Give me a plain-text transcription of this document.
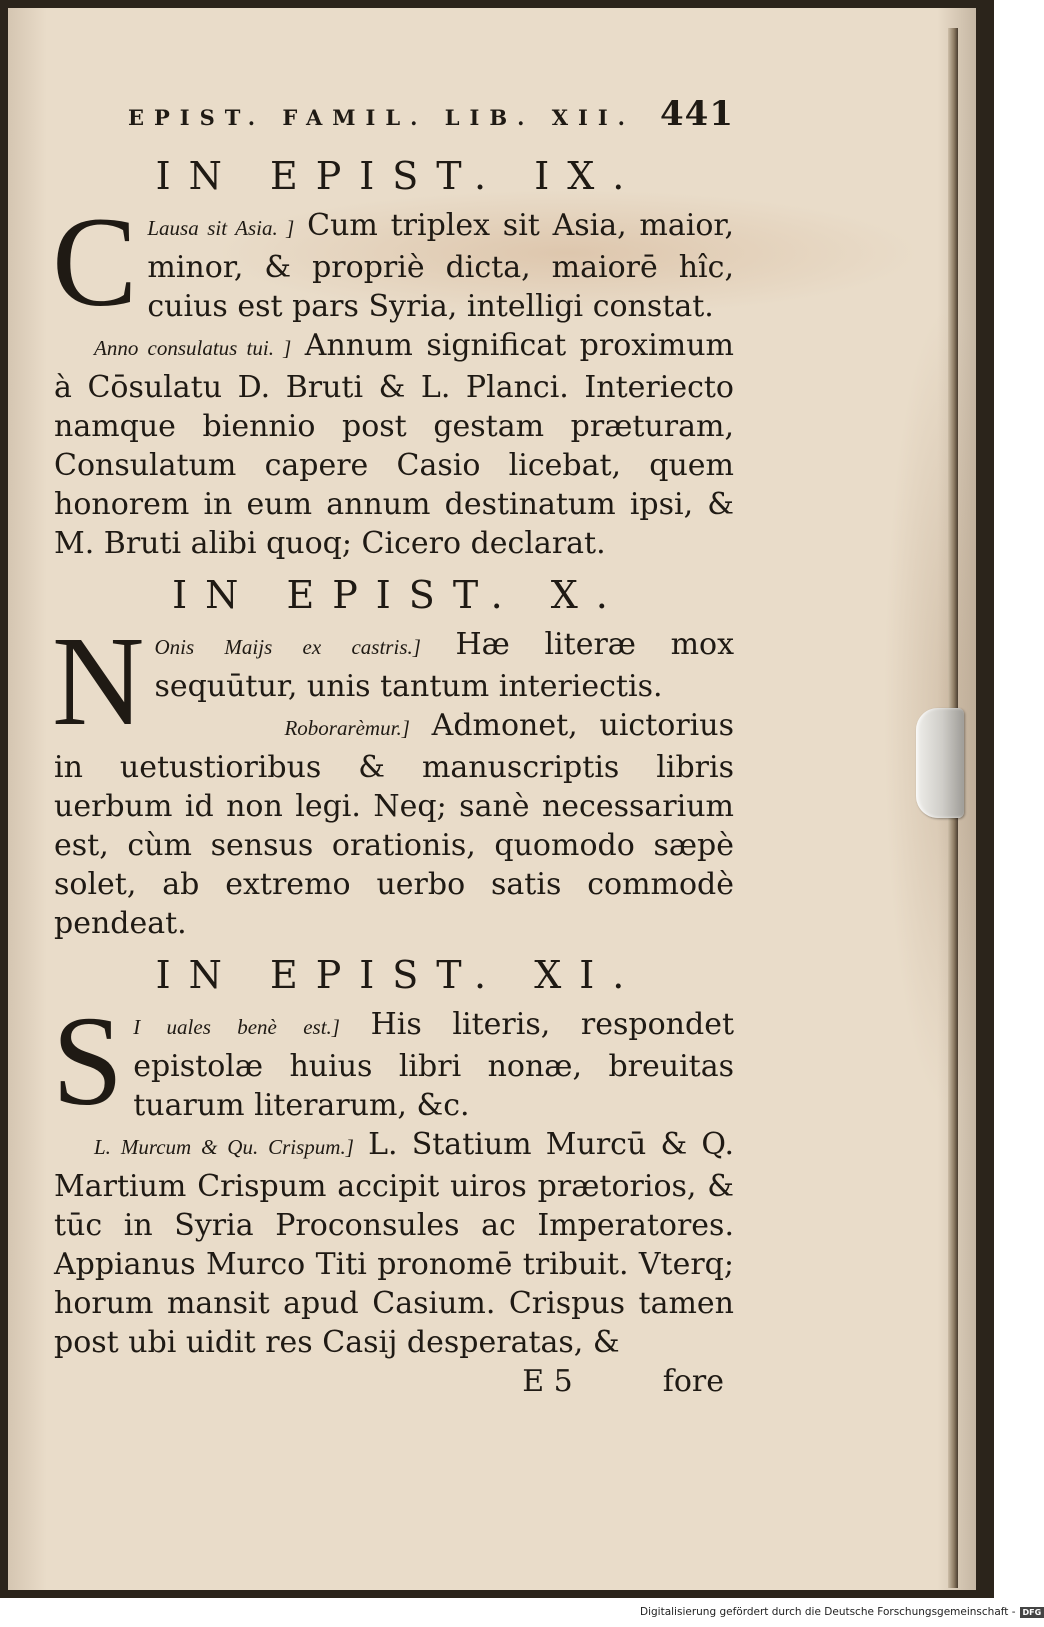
EPIST. FAMIL. LIB. XII. 441
IN EPIST. IX.

C Lausa sit Asia. ] Cum triplex sit Asia, maior, minor, & propriè dicta, maiorē hîc, cuius est pars Syria, intelligi constat.

Anno consulatus tui. ] Annum significat proximum à Cōsulatu D. Bruti & L. Planci. Interiecto namque biennio post gestam præturam, Consulatum capere Casio licebat, quem honorem in eum annum destinatum ipsi, & M. Bruti alibi quoq; Cicero declarat.

IN EPIST. X.

N Onis Maijs ex castris.] Hæ literæ mox sequūtur, unis tantum interiectis.

Roborarèmur.] Admonet, uictorius in uetustioribus & manuscriptis libris uerbum id non legi. Neq; sanè necessarium est, cùm sensus orationis, quomodo sæpè solet, ab extremo uerbo satis commodè pendeat.

IN EPIST. XI.

S I uales benè est.] His literis, respondet epistolæ huius libri nonæ, breuitas tuarum literarum, &c.

L. Murcum & Qu. Crispum.] L. Statium Murcū & Q. Martium Crispum accipit uiros prætorios, & tūc in Syria Proconsules ac Imperatores. Appianus Murco Titi pronomē tribuit. Vterq; horum mansit apud Casium. Crispus tamen post ubi uidit res Casij desperatas, &

E 5	fore
Digitalisierung gefördert durch die Deutsche Forschungsgemeinschaft - DFG
